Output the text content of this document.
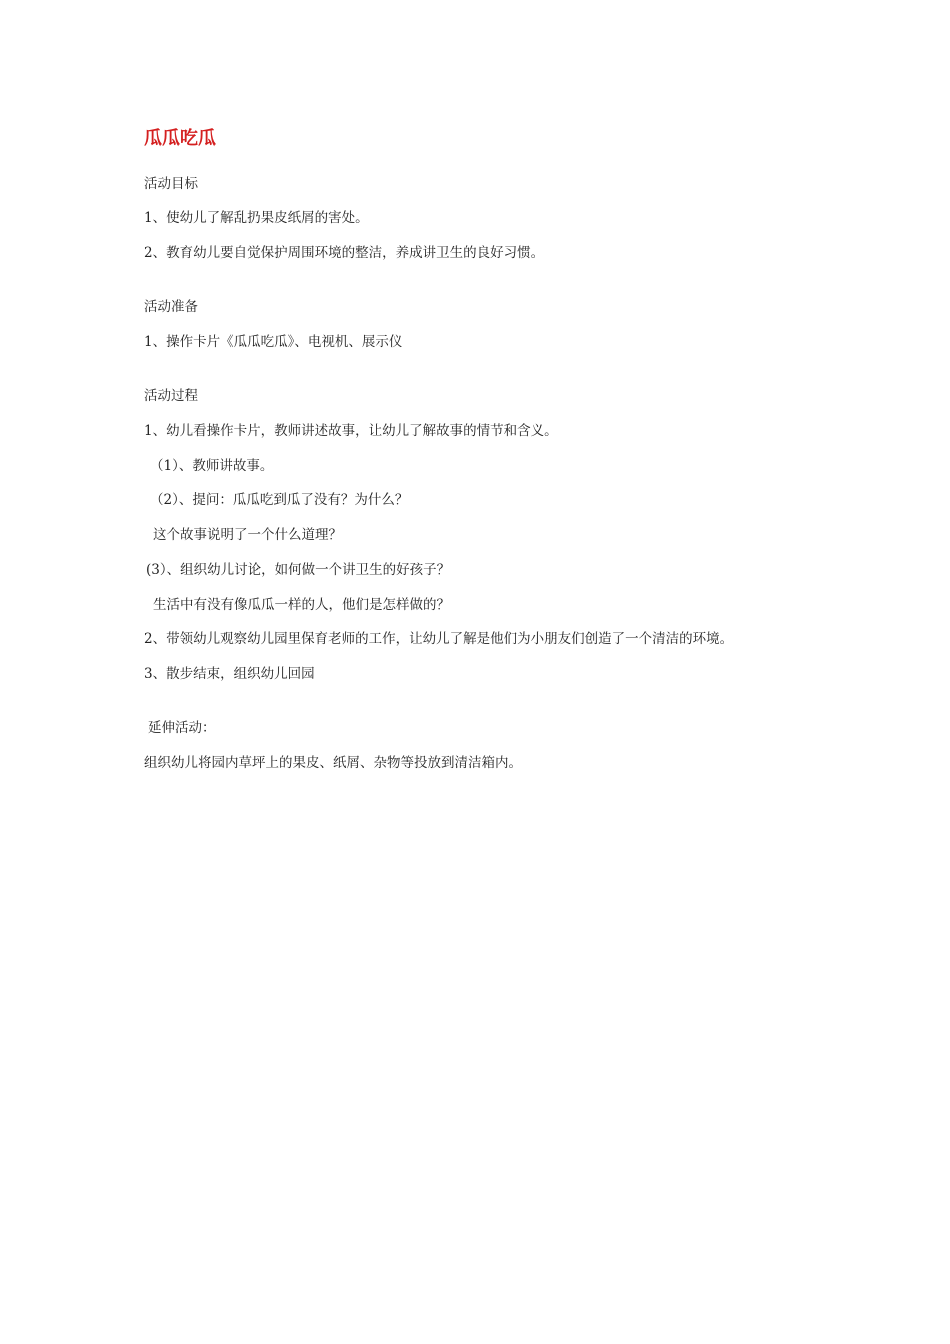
瓜瓜吃瓜
活动目标
1、使幼儿了解乱扔果皮纸屑的害处。
2、教育幼儿要自觉保护周围环境的整洁，养成讲卫生的良好习惯。
活动准备
1、操作卡片《瓜瓜吃瓜》、电视机、展示仪
活动过程
1、幼儿看操作卡片，教师讲述故事，让幼儿了解故事的情节和含义。
（1）、教师讲故事。
（2）、提问：瓜瓜吃到瓜了没有？为什么？
这个故事说明了一个什么道理？
(3）、组织幼儿讨论，如何做一个讲卫生的好孩子？
生活中有没有像瓜瓜一样的人，他们是怎样做的？
2、带领幼儿观察幼儿园里保育老师的工作，让幼儿了解是他们为小朋友们创造了一个清洁的环境。
3、散步结束，组织幼儿回园
延伸活动：
组织幼儿将园内草坪上的果皮、纸屑、杂物等投放到清洁箱内。
